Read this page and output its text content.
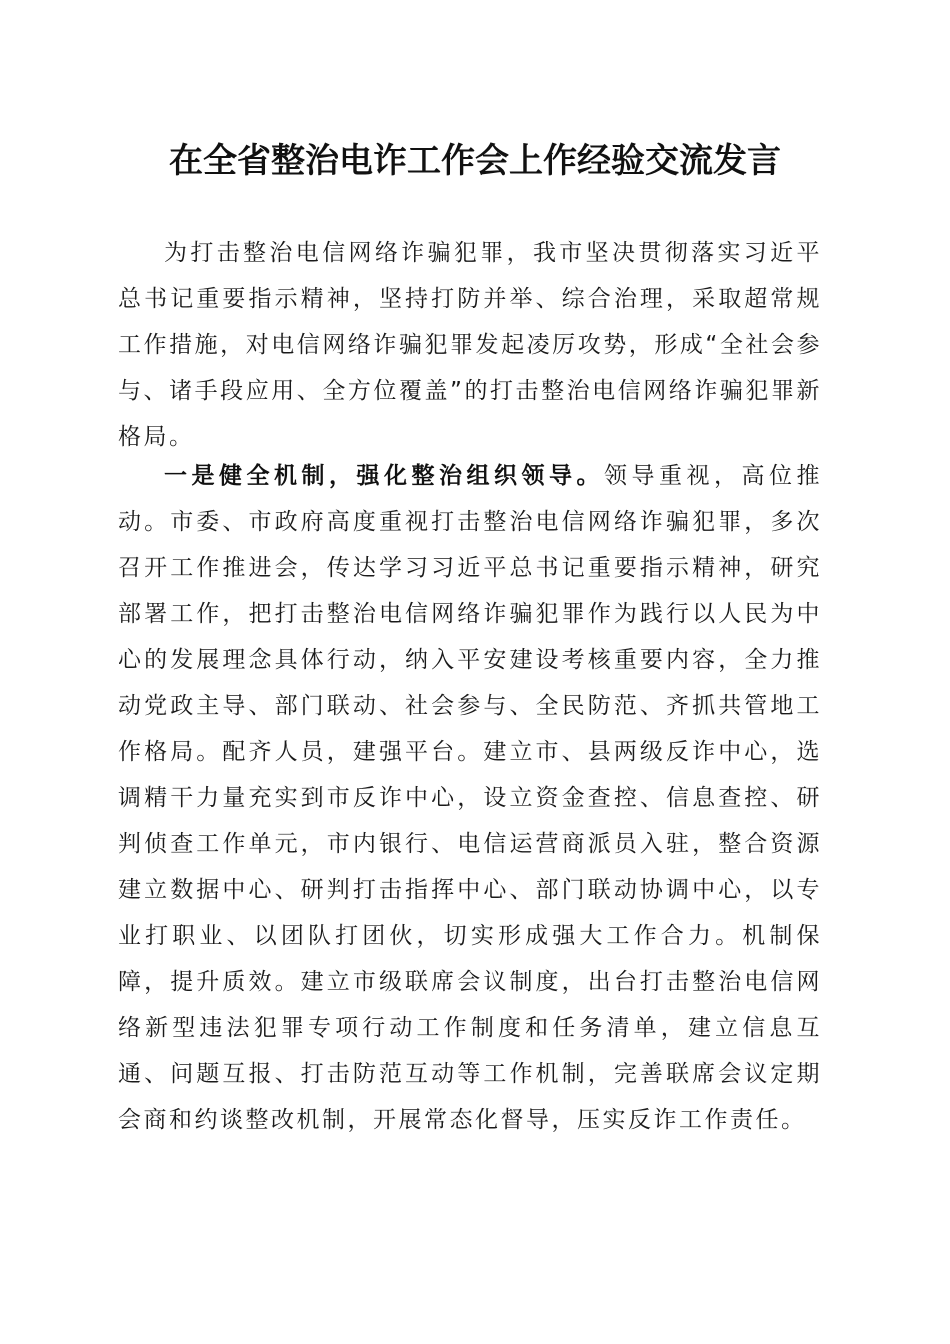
在全省整治电诈工作会上作经验交流发言

为打击整治电信网络诈骗犯罪，我市坚决贯彻落实习近平总书记重要指示精神，坚持打防并举、综合治理，采取超常规工作措施，对电信网络诈骗犯罪发起凌厉攻势，形成“全社会参与、诸手段应用、全方位覆盖”的打击整治电信网络诈骗犯罪新格局。

一是健全机制，强化整治组织领导。领导重视，高位推动。市委、市政府高度重视打击整治电信网络诈骗犯罪，多次召开工作推进会，传达学习习近平总书记重要指示精神，研究部署工作，把打击整治电信网络诈骗犯罪作为践行以人民为中心的发展理念具体行动，纳入平安建设考核重要内容，全力推动党政主导、部门联动、社会参与、全民防范、齐抓共管地工作格局。配齐人员，建强平台。建立市、县两级反诈中心，选调精干力量充实到市反诈中心，设立资金查控、信息查控、研判侦查工作单元，市内银行、电信运营商派员入驻，整合资源建立数据中心、研判打击指挥中心、部门联动协调中心，以专业打职业、以团队打团伙，切实形成强大工作合力。机制保障，提升质效。建立市级联席会议制度，出台打击整治电信网络新型违法犯罪专项行动工作制度和任务清单，建立信息互通、问题互报、打击防范互动等工作机制，完善联席会议定期会商和约谈整改机制，开展常态化督导，压实反诈工作责任。
